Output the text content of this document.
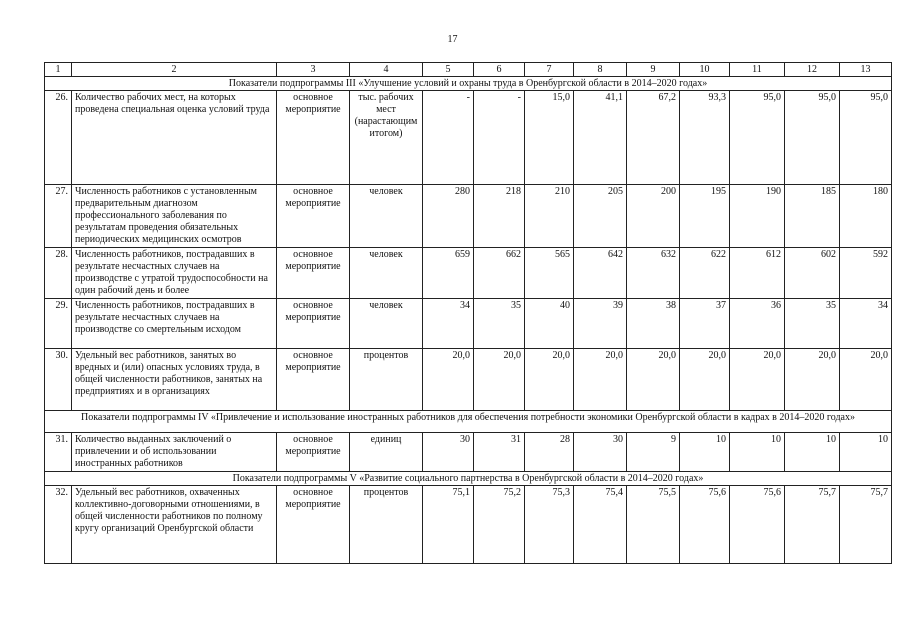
17
1	2	3	4	5	6	7	8	9	10	11	12	13
Показатели подпрограммы III «Улучшение условий и охраны труда в Оренбургской области в 2014–2020 годах»												
26.	Количество рабочих мест, на которых проведена специальная оценка условий труда	основное мероприятие	тыс. рабочих мест (нарастающим итогом)	-	-	15,0	41,1	67,2	93,3	95,0	95,0	95,0
27.	Численность работников с установленным предварительным диагнозом профессионального заболевания по результатам проведения обязательных периодических медицинских осмотров	основное мероприятие	человек	280	218	210	205	200	195	190	185	180
28.	Численность работников, пострадавших в результате несчастных случаев на производстве с утратой трудоспособности на один рабочий день и более	основное мероприятие	человек	659	662	565	642	632	622	612	602	592
29.	Численность работников, пострадавших в результате несчастных случаев на производстве со смертельным исходом	основное мероприятие	человек	34	35	40	39	38	37	36	35	34
30.	Удельный вес работников, занятых во вредных и (или) опасных условиях труда, в общей численности работников, занятых на предприятиях и в организациях	основное мероприятие	процентов	20,0	20,0	20,0	20,0	20,0	20,0	20,0	20,0	20,0
Показатели подпрограммы IV «Привлечение и использование иностранных работников для обеспечения потребности экономики Оренбургской области в кадрах в 2014–2020 годах»												
31.	Количество выданных заключений о привлечении и об использовании иностранных работников	основное мероприятие	единиц	30	31	28	30	9	10	10	10	10
Показатели подпрограммы V «Развитие социального партнерства в Оренбургской области в 2014–2020 годах»												
32.	Удельный вес работников, охваченных коллективно-договорными отношениями, в общей численности работников по полному кругу организаций Оренбургской области	основное мероприятие	процентов	75,1	75,2	75,3	75,4	75,5	75,6	75,6	75,7	75,7
